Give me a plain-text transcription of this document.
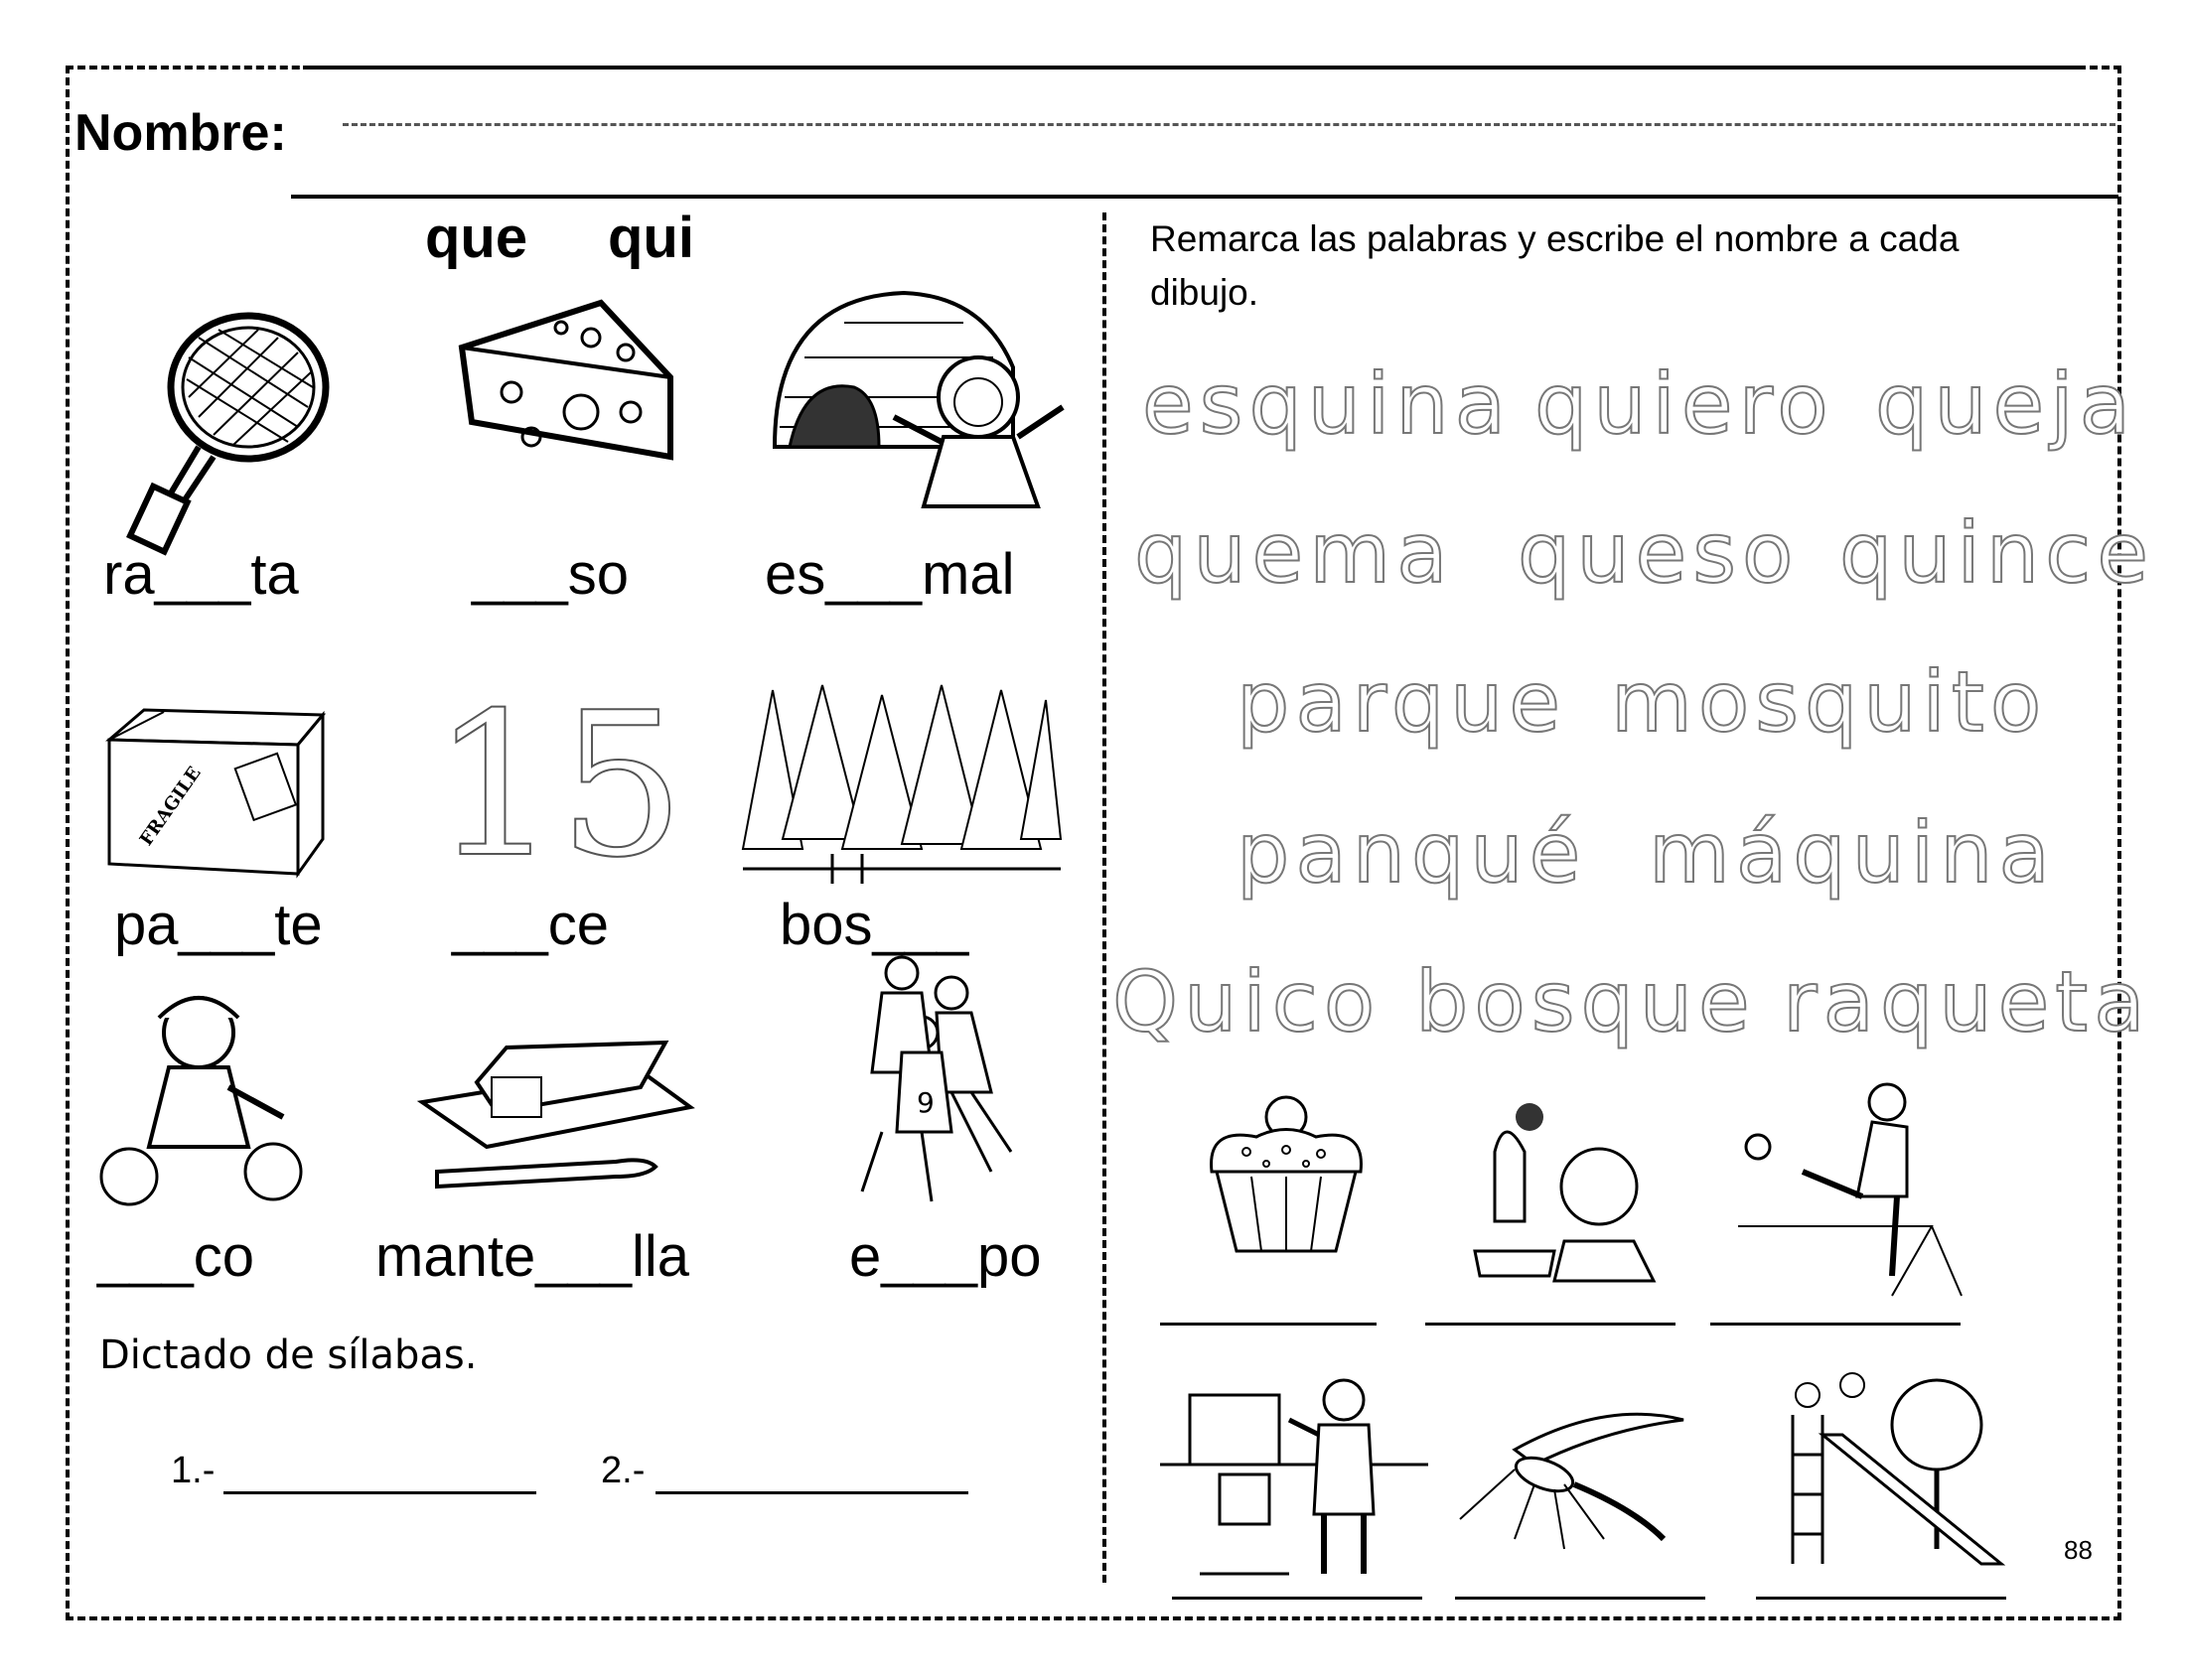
Nombre:
que qui
ra___ta	___so es___mal
FRAGILE 15
pa___te ___ce	bos___
9
___co mante___lla	e___po
Dictado de sílabas.
1.-	2.-
Remarca las palabras y escribe el nombre a cada dibujo.
esquina quiero queja
quema queso quince
parque mosquito
panqué máquina
Quico bosque raqueta
88
